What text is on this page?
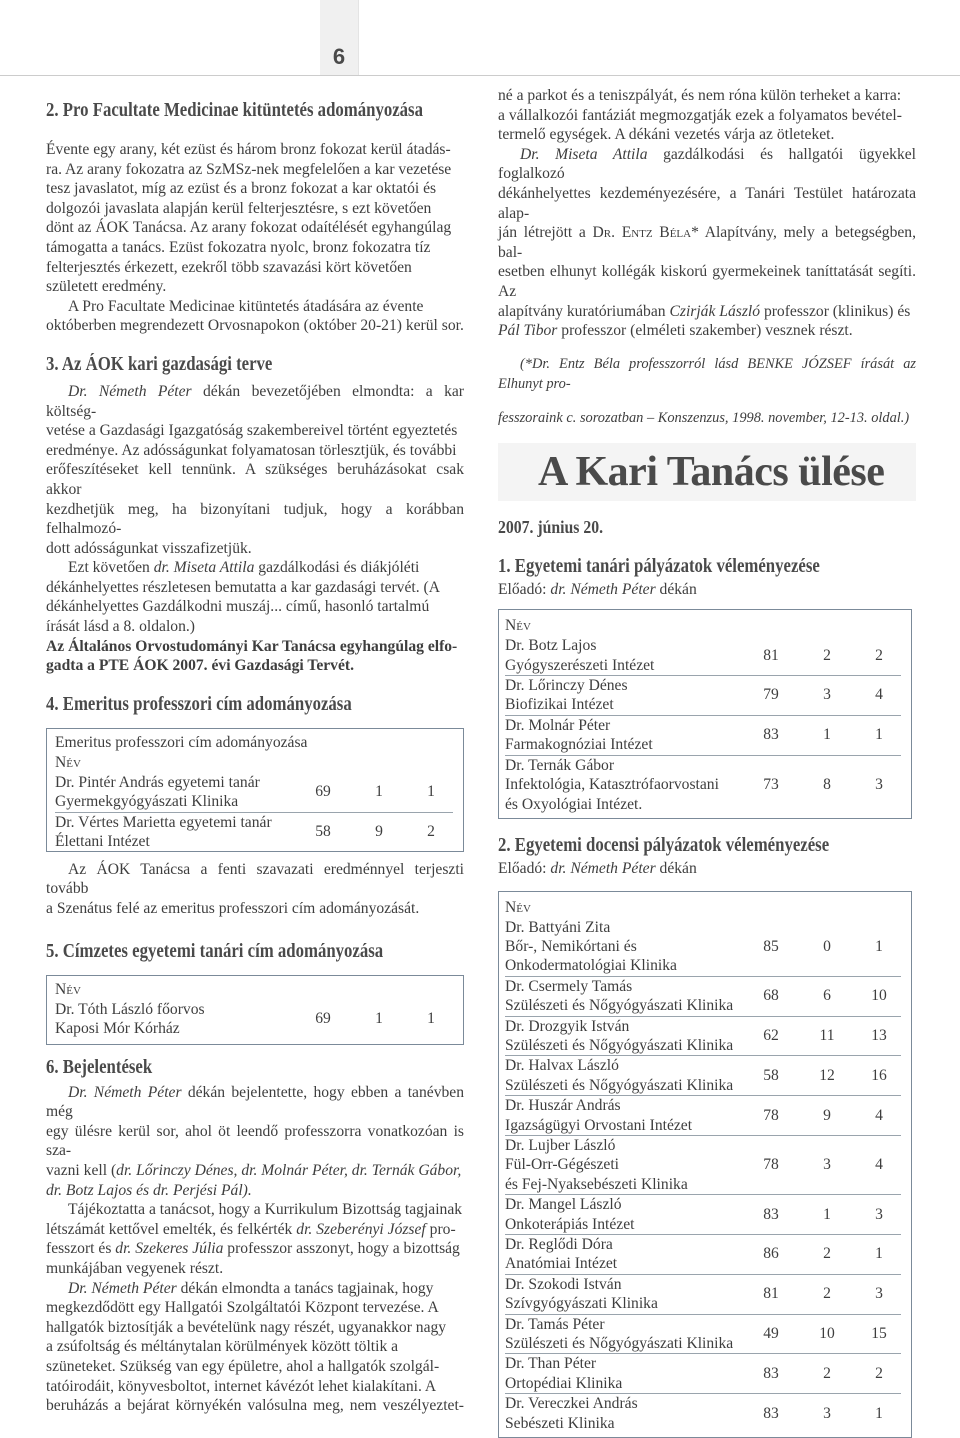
6
2. Pro Facultate Medicinae kitüntetés adományozása

Évente egy arany, két ezüst és három bronz fokozat kerül átadás-

ra. Az arany fokozatra az SzMSz-nek megfelelően a kar vezetése

tesz javaslatot, míg az ezüst és a bronz fokozat a kar oktatói és

dolgozói javaslata alapján kerül felterjesztésre, s ezt követően

dönt az ÁOK Tanácsa. Az arany fokozat odaítélését egyhangúlag

támogatta a tanács. Ezüst fokozatra nyolc, bronz fokozatra tíz

felterjesztés érkezett, ezekről több szavazási kört követően

született eredmény.

A Pro Facultate Medicinae kitüntetés átadására az évente

októberben megrendezett Orvosnapokon (október 20-21) kerül sor.

3. Az ÁOK kari gazdasági terve

Dr. Németh Péter dékán bevezetőjében elmondta: a kar költség-

vetése a Gazdasági Igazgatóság szakembereivel történt egyeztetés

eredménye. Az adósságunkat folyamatosan törlesztjük, és további

erőfeszítéseket kell tennünk. A szükséges beruházásokat csak akkor

kezdhetjük meg, ha bizonyítani tudjuk, hogy a korábban felhalmozó-

dott adósságunkat visszafizetjük.

Ezt követően dr. Miseta Attila gazdálkodási és diákjóléti

dékánhelyettes részletesen bemutatta a kar gazdasági tervét. (A

dékánhelyettes Gazdálkodni muszáj... című, hasonló tartalmú

írását lásd a 8. oldalon.)

Az Általános Orvostudományi Kar Tanácsa egyhangúlag elfo-

gadta a PTE ÁOK 2007. évi Gazdasági Tervét.

4. Emeritus professzori cím adományozása
Emeritus professzori cím adományozása
Név
Dr. Pintér András egyetemi tanár
Gyermekgyógyászati Klinika
69	1	1
Dr. Vértes Marietta egyetemi tanár
Élettani Intézet
58	9	2

Az ÁOK Tanácsa a fenti szavazati eredménnyel terjeszti tovább

a Szenátus felé az emeritus professzori cím adományozását.

5. Címzetes egyetemi tanári cím adományozása
Név
Dr. Tóth László főorvos
Kaposi Mór Kórház
69	1	1
6. Bejelentések

Dr. Németh Péter dékán bejelentette, hogy ebben a tanévben még

egy ülésre kerül sor, ahol öt leendő professzorra vonatkozóan is sza-

vazni kell (dr. Lőrinczy Dénes, dr. Molnár Péter, dr. Ternák Gábor,

dr. Botz Lajos és dr. Perjési Pál).

Tájékoztatta a tanácsot, hogy a Kurrikulum Bizottság tagjainak

létszámát kettővel emelték, és felkérték dr. Szeberényi József pro-

fesszort és dr. Szekeres Júlia professzor asszonyt, hogy a bizottság

munkájában vegyenek részt.

Dr. Németh Péter dékán elmondta a tanács tagjainak, hogy

megkezdődött egy Hallgatói Szolgáltatói Központ tervezése. A

hallgatók biztosítják a bevételünk nagy részét, ugyanakkor nagy

a zsúfoltság és méltánytalan körülmények között töltik a

szüneteket. Szükség van egy épületre, ahol a hallgatók szolgál-

tatóirodáit, könyvesboltot, internet kávézót lehet kialakítani. A

beruházás a bejárat környékén valósulna meg, nem veszélyeztet-

né a parkot és a teniszpályát, és nem róna külön terheket a karra:

a vállalkozói fantáziát megmozgatják ezek a folyamatos bevétel-

termelő egységek. A dékáni vezetés várja az ötleteket.

Dr. Miseta Attila gazdálkodási és hallgatói ügyekkel foglalkozó

dékánhelyettes kezdeményezésére, a Tanári Testület határozata alap-

ján létrejött a Dr. Entz Béla* Alapítvány, mely a betegségben, bal-

esetben elhunyt kollégák kiskorú gyermekeinek taníttatását segíti. Az

alapítvány kuratóriumában Czirják László professzor (klinikus) és

Pál Tibor professzor (elméleti szakember) vesznek részt.

(*Dr. Entz Béla professzorról lásd BENKE JÓZSEF írását az Elhunyt pro-

fesszoraink c. sorozatban – Konszenzus, 1998. november, 12-13. oldal.)

A Kari Tanács ülése
2007. június 20.
1. Egyetemi tanári pályázatok véleményezése

Előadó: dr. Németh Péter dékán

Név
Dr. Botz Lajos
Gyógyszerészeti Intézet
81	2	2
Dr. Lőrinczy Dénes
Biofizikai Intézet
79	3	4
Dr. Molnár Péter
Farmakognóziai Intézet
83	1	1
Dr. Ternák Gábor
Infektológia, Katasztrófaorvostani
és Oxyológiai Intézet.
73	8	3
2. Egyetemi docensi pályázatok véleményezése

Előadó: dr. Németh Péter dékán

Név
Dr. Battyáni Zita
Bőr-, Nemikórtani és
Onkodermatológiai Klinika
85	0	1
Dr. Csermely Tamás
Szülészeti és Nőgyógyászati Klinika
68	6	10
Dr. Drozgyik István
Szülészeti és Nőgyógyászati Klinika
62	11	13
Dr. Halvax László
Szülészeti és Nőgyógyászati Klinika
58	12	16
Dr. Huszár András
Igazságügyi Orvostani Intézet
78	9	4
Dr. Lujber László
Fül-Orr-Gégészeti
és Fej-Nyaksebészeti Klinika
78	3	4
Dr. Mangel László
Onkoterápiás Intézet
83	1	3
Dr. Reglődi Dóra
Anatómiai Intézet
86	2	1
Dr. Szokodi István
Szívgyógyászati Klinika
81	2	3
Dr. Tamás Péter
Szülészeti és Nőgyógyászati Klinika
49	10	15
Dr. Than Péter
Ortopédiai Klinika
83	2	2
Dr. Vereczkei András
Sebészeti Klinika
83	3	1
